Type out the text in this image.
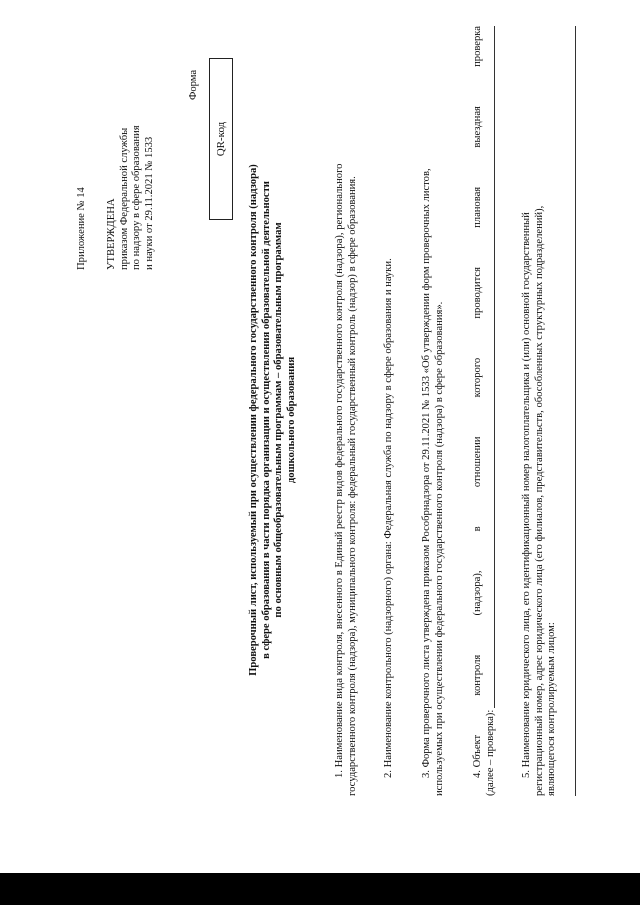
Приложение № 14 УТВЕРЖДЕНА приказом Федеральной службы по надзору в сфере образования и науки от 29.11.2021 № 1533
Форма
QR-код
Проверочный лист, используемый при осуществлении федерального государственного контроля (надзора) в сфере образования в части порядка организации и осуществления образовательной деятельности по основным общеобразовательным программам – образовательным программам дошкольного образования	1. Наименование вида контроля, внесенного в Единый реестр видов федерального государственного контроля (надзора), регионального государственного контроля (надзора), муниципального контроля: федеральный государственный контроль (надзор) в сфере образования. 2. Наименование контрольного (надзорного) органа: Федеральная служба по надзору в сфере образования и науки.	3. Форма проверочного листа утверждена приказом Рособрнадзора от 29.11.2021 № 1533 «Об утверждении форм проверочных листов, используемых при осуществлении федерального государственного контроля (надзора) в сфере образования».	4. Объект
контроля
(надзора),
в
отношении
которого
проводится
плановая
выездная
проверка
(далее – проверка): 5. Наименование юридического лица, его идентификационный номер налогоплательщика и (или) основной государственный регистрационный номер, адрес юридического лица (его филиалов, представительств, обособленных структурных подразделений), являющегося контролируемым лицом:
